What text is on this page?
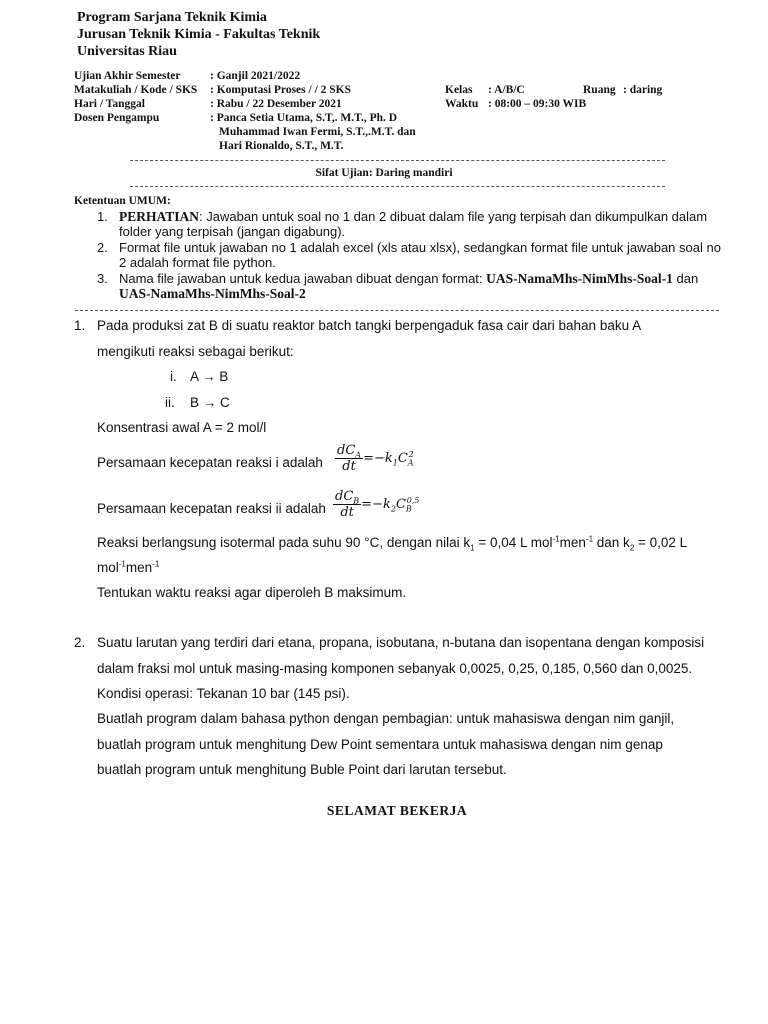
Program Sarjana Teknik Kimia
Jurusan Teknik Kimia - Fakultas Teknik
Universitas Riau
Ujian Akhir Semester	: Ganjil 2021/2022
Matakuliah / Kode / SKS : Komputasi Proses / / 2 SKS	Kelas : A/B/C	Ruang : daring
Hari / Tanggal	: Rabu / 22 Desember 2021	Waktu : 08:00 – 09:30 WIB
Dosen Pengampu	: Panca Setia Utama, S.T,. M.T., Ph. D
Muhammad Iwan Fermi, S.T.,.M.T. dan
Hari Rionaldo, S.T., M.T.
Sifat Ujian: Daring mandiri
Ketentuan UMUM:
1. PERHATIAN: Jawaban untuk soal no 1 dan 2 dibuat dalam file yang terpisah dan dikumpulkan dalam
folder yang terpisah (jangan digabung).
2. Format file untuk jawaban no 1 adalah excel (xls atau xlsx), sedangkan format file untuk jawaban soal no
2 adalah format file python.
3. Nama file jawaban untuk kedua jawaban dibuat dengan format: UAS-NamaMhs-NimMhs-Soal-1 dan
UAS-NamaMhs-NimMhs-Soal-2
1. Pada produksi zat B di suatu reaktor batch tangki berpengaduk fasa cair dari bahan baku A
mengikuti reaksi sebagai berikut:
i. A → B
ii. B → C
Konsentrasi awal A = 2 mol/l
Persamaan kecepatan reaksi i adalah
$dC_A$
dt
$=-k_1C_A^2$
Persamaan kecepatan reaksi ii adalah
$dC_B$
dt
$=-k_2C_B^{0,5}$
Reaksi berlangsung isotermal pada suhu 90 °C, dengan nilai $k_1 = 0,04$ L mol$^{-1}$men$^{-1}$ dan $k_2 = 0,02$ L
mol$^{-1}$men$^{-1}$
Tentukan waktu reaksi agar diperoleh B maksimum.
2. Suatu larutan yang terdiri dari etana, propana, isobutana, n-butana dan isopentana dengan komposisi
dalam fraksi mol untuk masing-masing komponen sebanyak 0,0025, 0,25, 0,185, 0,560 dan 0,0025.
Kondisi operasi: Tekanan 10 bar (145 psi).
Buatlah program dalam bahasa python dengan pembagian: untuk mahasiswa dengan nim ganjil,
buatlah program untuk menghitung Dew Point sementara untuk mahasiswa dengan nim genap
buatlah program untuk menghitung Buble Point dari larutan tersebut.
SELAMAT BEKERJA
